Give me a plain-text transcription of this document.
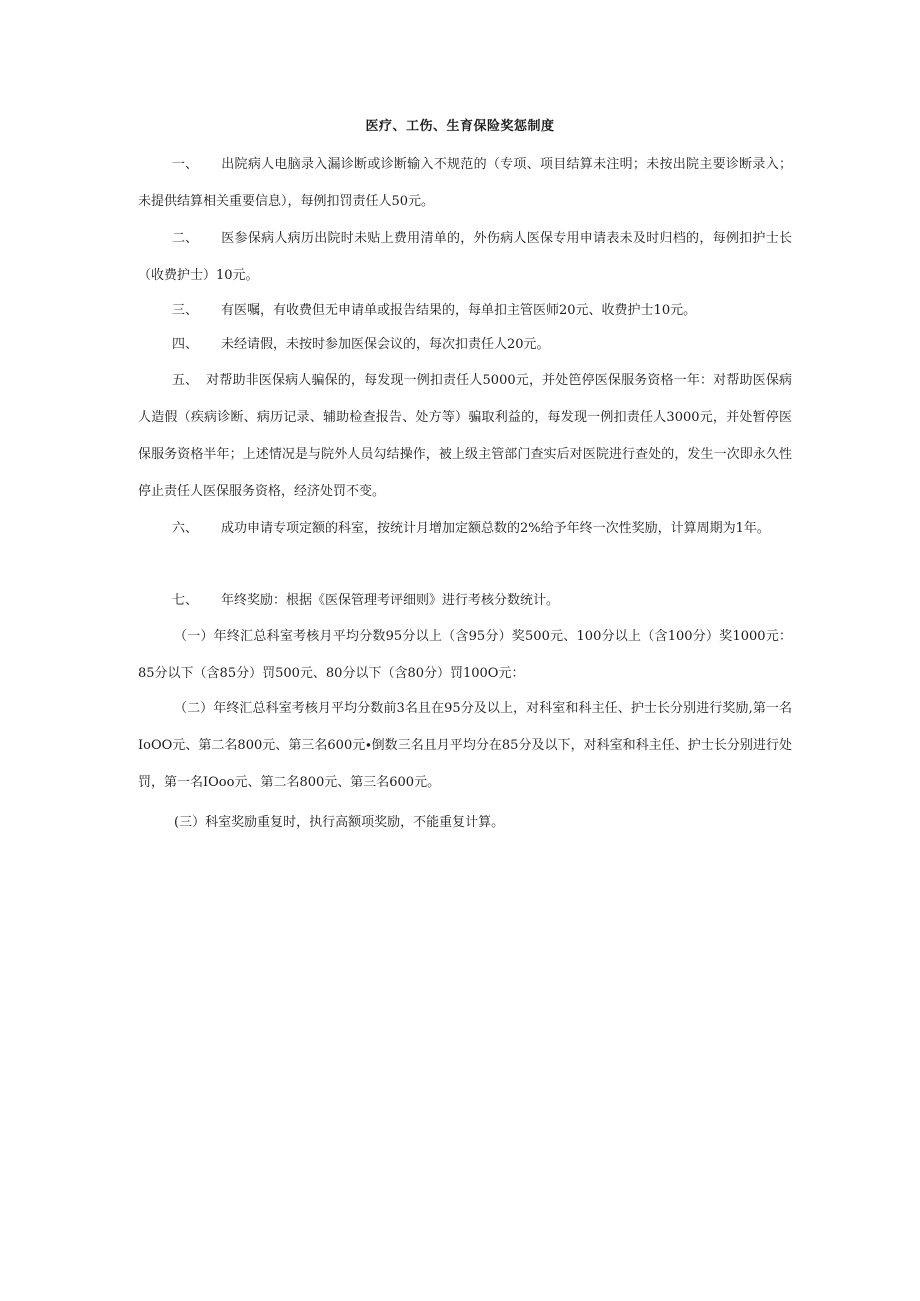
医疗、工伤、生育保险奖惩制度

一、 出院病人电脑录入漏诊断或诊断输入不规范的（专项、项目结算未注明；未按出院主要诊断录入；未提供结算相关重要信息），每例扣罚责任人50元。

二、 医参保病人病历出院时未贴上费用清单的，外伤病人医保专用申请表未及时归档的，每例扣护士长（收费护士）10元。

三、 有医嘱，有收费但无申请单或报告结果的，每单扣主管医师20元、收费护士10元。

四、 未经请假，未按时参加医保会议的，每次扣责任人20元。

五、 对帮助非医保病人骗保的，每发现一例扣责任人5000元，并处笆停医保服务资格一年：对帮助医保病人造假（疾病诊断、病历记录、辅助检查报告、处方等）骗取利益的，每发现一例扣责任人3000元，并处暂停医保服务资格半年；上述情况是与院外人员勾结操作，被上级主管部门查实后对医院进行查处的，发生一次即永久性停止责任人医保服务资格，经济处罚不变。

六、 成功申请专项定额的科室，按统计月增加定额总数的2%给予年终一次性奖励，计算周期为1年。

七、 年终奖励：根据《医保管理考评细则》进行考核分数统计。

（一）年终汇总科室考核月平均分数95分以上（含95分）奖500元、100分以上（含100分）奖1000元：85分以下（含85分）罚500元、80分以下（含80分）罚100O元：

（二）年终汇总科室考核月平均分数前3名且在95分及以上，对科室和科主任、护士长分别进行奖励,第一名IoOO元、第二名800元、第三名600元∙倒数三名且月平均分在85分及以下，对科室和科主任、护士长分别进行处罚，第一名IOoo元、第二名800元、第三名600元。

(三）科室奖励重复时，执行高额项奖励，不能重复计算。
